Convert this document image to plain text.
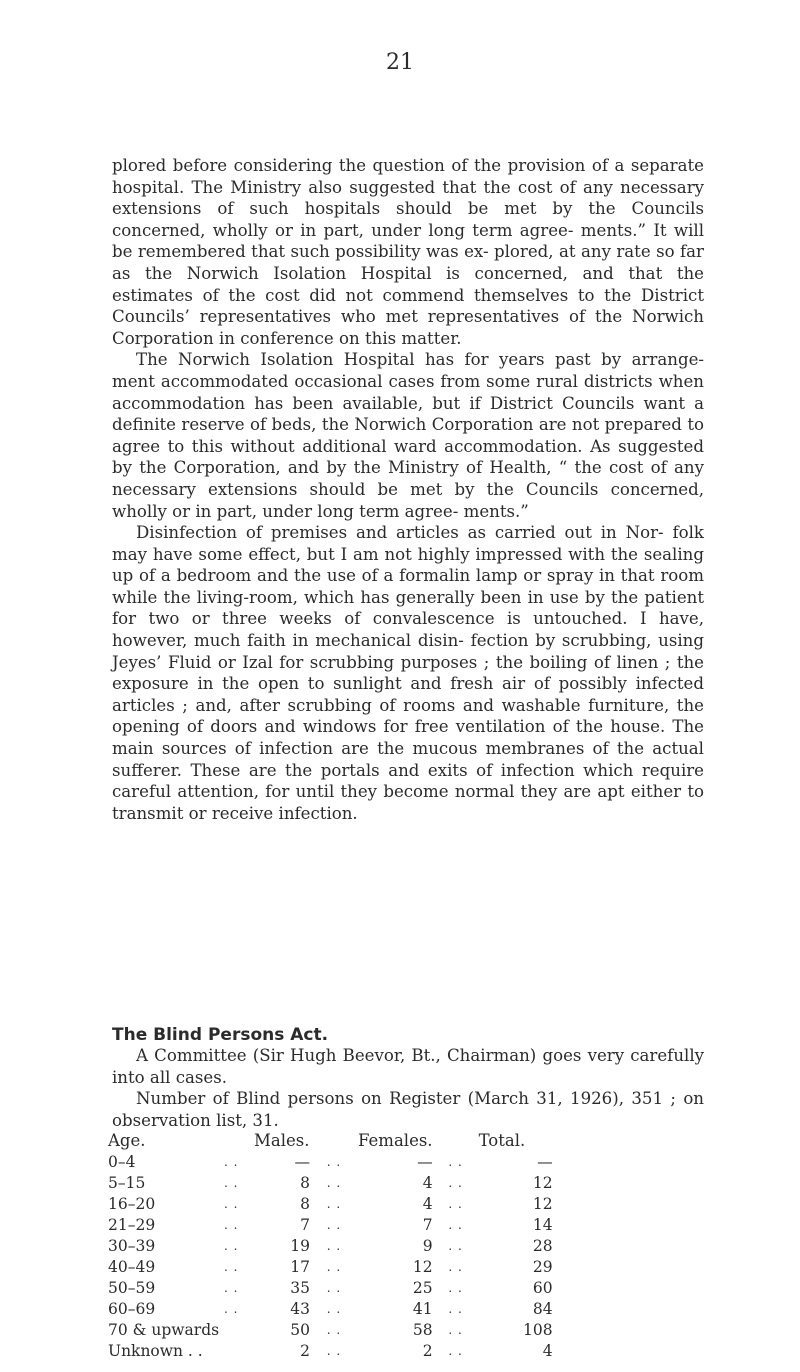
21

plored before considering the question of the provision of a separate hospital. The Ministry also suggested that the cost of any necessary extensions of such hospitals should be met by the Councils concerned, wholly or in part, under long term agree- ments.” It will be remembered that such possibility was ex- plored, at any rate so far as the Norwich Isolation Hospital is concerned, and that the estimates of the cost did not commend themselves to the District Councils’ representatives who met representatives of the Norwich Corporation in conference on this matter.

The Norwich Isolation Hospital has for years past by arrange- ment accommodated occasional cases from some rural districts when accommodation has been available, but if District Councils want a definite reserve of beds, the Norwich Corporation are not prepared to agree to this without additional ward accommodation. As suggested by the Corporation, and by the Ministry of Health, “ the cost of any necessary extensions should be met by the Councils concerned, wholly or in part, under long term agree- ments.”

Disinfection of premises and articles as carried out in Nor- folk may have some effect, but I am not highly impressed with the sealing up of a bedroom and the use of a formalin lamp or spray in that room while the living-room, which has generally been in use by the patient for two or three weeks of convalescence is untouched. I have, however, much faith in mechanical disin- fection by scrubbing, using Jeyes’ Fluid or Izal for scrubbing purposes ; the boiling of linen ; the exposure in the open to sunlight and fresh air of possibly infected articles ; and, after scrubbing of rooms and washable furniture, the opening of doors and windows for free ventilation of the house. The main sources of infection are the mucous membranes of the actual sufferer. These are the portals and exits of infection which require careful attention, for until they become normal they are apt either to transmit or receive infection.

The Blind Persons Act.

A Committee (Sir Hugh Beevor, Bt., Chairman) goes very carefully into all cases.

Number of Blind persons on Register (March 31, 1926), 351 ; on observation list, 31.

Age.		Males.		Females.		Total.
0–4	. .	—	. .	—	. .	—
5–15	. .	8	. .	4	. .	12
16–20	. .	8	. .	4	. .	12
21–29	. .	7	. .	7	. .	14
30–39	. .	19	. .	9	. .	28
40–49	. .	17	. .	12	. .	29
50–59	. .	35	. .	25	. .	60
60–69	. .	43	. .	41	. .	84
70 & upwards		50	. .	58	. .	108
Unknown . .		2	. .	2	. .	4
